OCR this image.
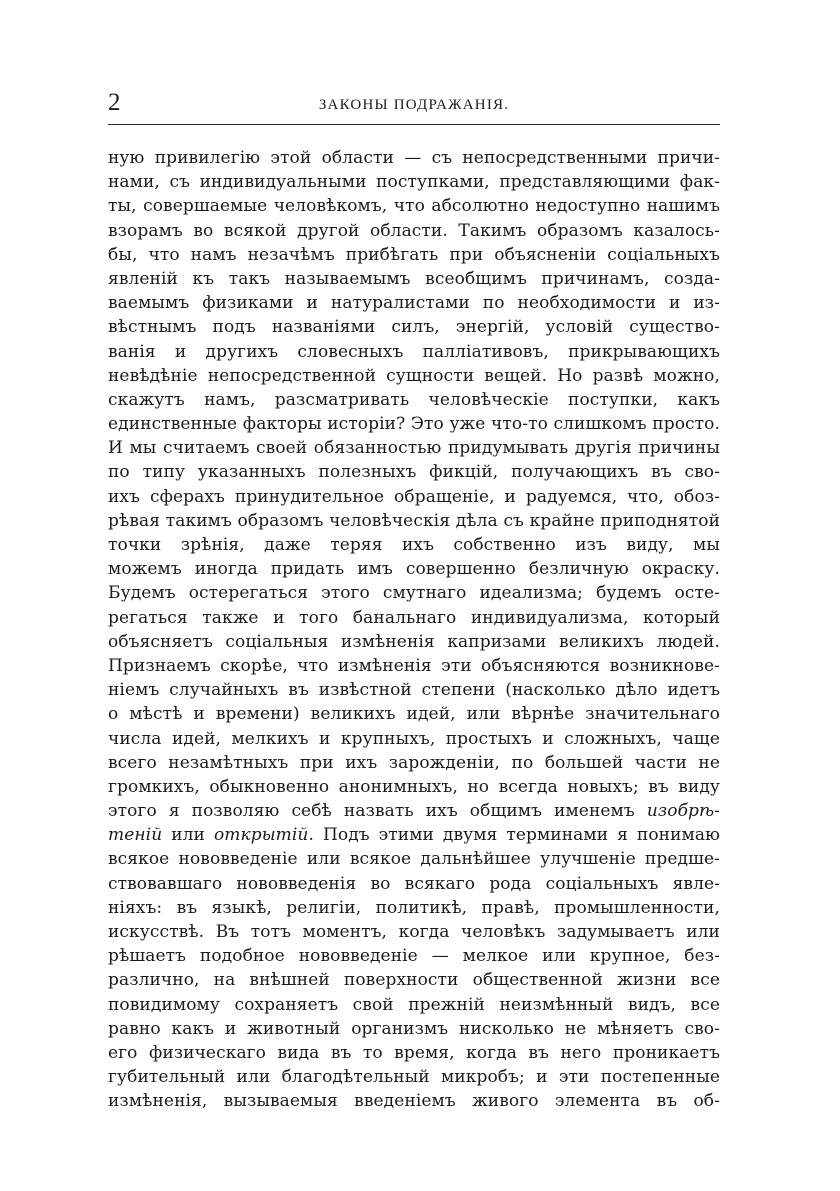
2	ЗАКОНЫ ПОДРАЖАНІЯ.
ную привилегію этой области — съ непосредственными причи-
нами, съ индивидуальными поступками, представляющими фак-
ты, совершаемые человѣкомъ, что абсолютно недоступно нашимъ
взорамъ во всякой другой области. Такимъ образомъ казалось-
бы, что намъ незачѣмъ прибѣгать при объясненіи соціальныхъ
явленій къ такъ называемымъ всеобщимъ причинамъ, созда-
ваемымъ физиками и натуралистами по необходимости и из-
вѣстнымъ подъ названіями силъ, энергій, условій существо-
ванія и другихъ словесныхъ палліативовъ, прикрывающихъ
невѣдѣніе непосредственной сущности вещей. Но развѣ можно,
скажутъ намъ, разсматривать человѣческіе поступки, какъ
единственные факторы исторіи? Это уже что-то слишкомъ просто.
И мы считаемъ своей обязанностью придумывать другія причины
по типу указанныхъ полезныхъ фикцій, получающихъ въ сво-
ихъ сферахъ принудительное обращеніе, и радуемся, что, обоз-
рѣвая такимъ образомъ человѣческія дѣла съ крайне приподнятой
точки зрѣнія, даже теряя ихъ собственно изъ виду, мы
можемъ иногда придать имъ совершенно безличную окраску.
Будемъ остерегаться этого смутнаго идеализма; будемъ осте-
регаться также и того банальнаго индивидуализма, который
объясняетъ соціальныя измѣненія капризами великихъ людей.
Признаемъ скорѣе, что измѣненія эти объясняются возникнове-
ніемъ случайныхъ въ извѣстной степени (насколько дѣло идетъ
о мѣстѣ и времени) великихъ идей, или вѣрнѣе значительнаго
числа идей, мелкихъ и крупныхъ, простыхъ и сложныхъ, чаще
всего незамѣтныхъ при ихъ зарожденіи, по большей части не
громкихъ, обыкновенно анонимныхъ, но всегда новыхъ; въ виду
этого я позволяю себѣ назвать ихъ общимъ именемъ изобрѣ-
теній или открытій. Подъ этими двумя терминами я понимаю
всякое нововведеніе или всякое дальнѣйшее улучшеніе предше-
ствовавшаго нововведенія во всякаго рода соціальныхъ явле-
ніяхъ: въ языкѣ, религіи, политикѣ, правѣ, промышленности,
искусствѣ. Въ тотъ моментъ, когда человѣкъ задумываетъ или
рѣшаетъ подобное нововведеніе — мелкое или крупное, без-
различно, на внѣшней поверхности общественной жизни все
повидимому сохраняетъ свой прежній неизмѣнный видъ, все
равно какъ и животный организмъ нисколько не мѣняетъ сво-
его физическаго вида въ то время, когда въ него проникаетъ
губительный или благодѣтельный микробъ; и эти постепенные
измѣненія, вызываемыя введеніемъ живого элемента въ об-
